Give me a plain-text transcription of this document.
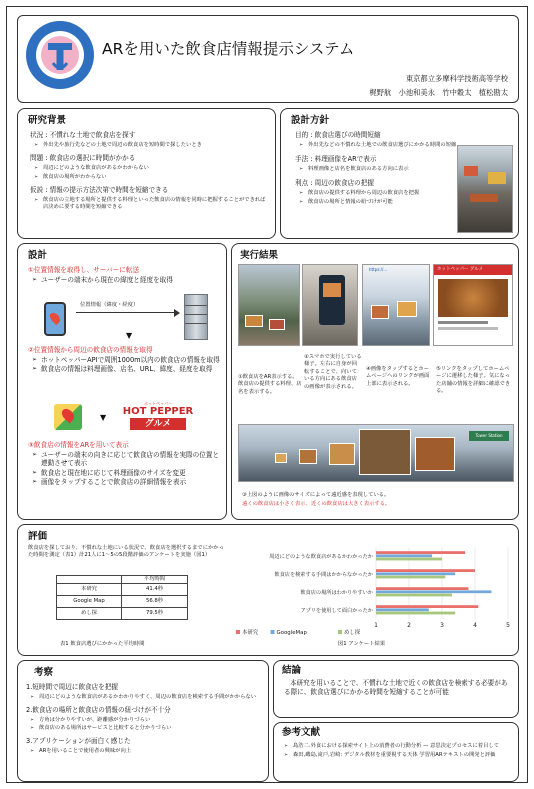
ARを用いた飲食店情報提示システム
東京都立多摩科学技術高等学校
梶野航　小池和美永　竹中穀太　植松勘太
研究背景
状況 : 不慣れな土地で飲食店を探す
➢ 外出先や旅行先などの土地で周辺の飲食店を短時間で探したいとき
問題 : 飲食店の選択に時間がかかる
➢ 周辺にどのような飲食店があるかわからない
➢ 飲食店の場所がわからない
仮説 : 情報の提示方法次第で時間を短縮できる
➢ 飲食店の立地する場所と提供する料理といった飲食店の情報を同時に把握することができれば店決めに要する時間を短縮できる
設計方針
目的 : 飲食店選びの時間短縮
➢ 外出先などの不慣れな土地での飲食店選びにかかる時間の短縮
手法 : 料理画像をARで表示
➢ 料理画像と店名を飲食店のある方向に表示
利点 : 周辺の飲食店の把握
➢ 飲食店の提供する料理から周辺の飲食店を把握
➢ 飲食店の場所と情報の紐づけが可能
設計
①位置情報を取得し、サーバーに転送
➢ ユーザーの端末から現在の緯度と経度を取得
位置情報（緯度・経度）
▼
②位置情報から周辺の飲食店の情報を取得
➢ ホットペッパーAPIで周囲1000m以内の飲食店の情報を取得
➢ 飲食店の情報は料理画像、店名、URL、緯度、経度を取得
▼
ホットペッパー
HOT PEPPER
グルメ
③飲食店の情報をARを用いて表示
➢ ユーザーの端末の向きに応じて飲食店の情報を実際の位置と連動させて表示
➢ 飲食店と現在地に応じて料理画像のサイズを変更
➢ 画像をタップすることで飲食店の詳細情報を表示
実行結果
https://…	ホットペッパー グルメ
①飲食店をAR表示する。飲食店の提供する料理、店名を表示する。
②スマホで実行している様子。左右に自身が回転することで、向いている方向にある飲食店の画像が表示される。
④画像をタップするとホームページへのリンクが画面上部に表示される。
⑤リンクをタップしてホームページに遷移した様子。気になった店舗の情報を詳細に確認できる。
Tower Station
③上図のように画像のサイズによって遠近感を表現している。
遠くの飲食店は小さく表示、近くの飲食店は大きく表示する。
評価
飲食店を探しており、不慣れな土地にいる状況で、飲食店を選択するまでにかかった時間を測定（表1）計21人に1〜5の5段階評価のアンケートを実施（図1）
平均時間
本研究	41.4秒
Google Map	56.8秒
めし探	79.5秒
表1 飲食店選びにかかった平均時間
1	2	3	4	5
周辺にどのような飲食店があるかわかったか
飲食店を検索する手間はかからなかったか
飲食店の場所はわかりやすいか
アプリを使用して面白かったか
本研究	GoogleMap	めし探
図1 アンケート結果
考察
1.短時間で周辺に飲食店を把握
➢ 周辺にどのような飲食店があるかわかりやすく、周辺の飲食店を検索する手間がかからない
2.飲食店の場所と飲食店の情報の紐づけが不十分
➢ 方角は分かりやすいが、距離感が分かりづらい
➢ 飲食店のある場所はサービスと比較すると分かりづらい
3.アプリケーションが面白く感じた
➢ ARを用いることで使用者の興味が向上
結論
本研究を用いることで、不慣れな土地で近くの飲食店を検索する必要がある際に、飲食店選びにかかる時間を短縮することが可能
参考文献
➢ 島浩二.外食における探索サイト上の消費者の行動分析 — 意思決定プロセスに着目して
➢ 森田,磯島,滝戸,岩崎: デジタル教材を重要視する天体 学習用ARテキストの開発と評価
